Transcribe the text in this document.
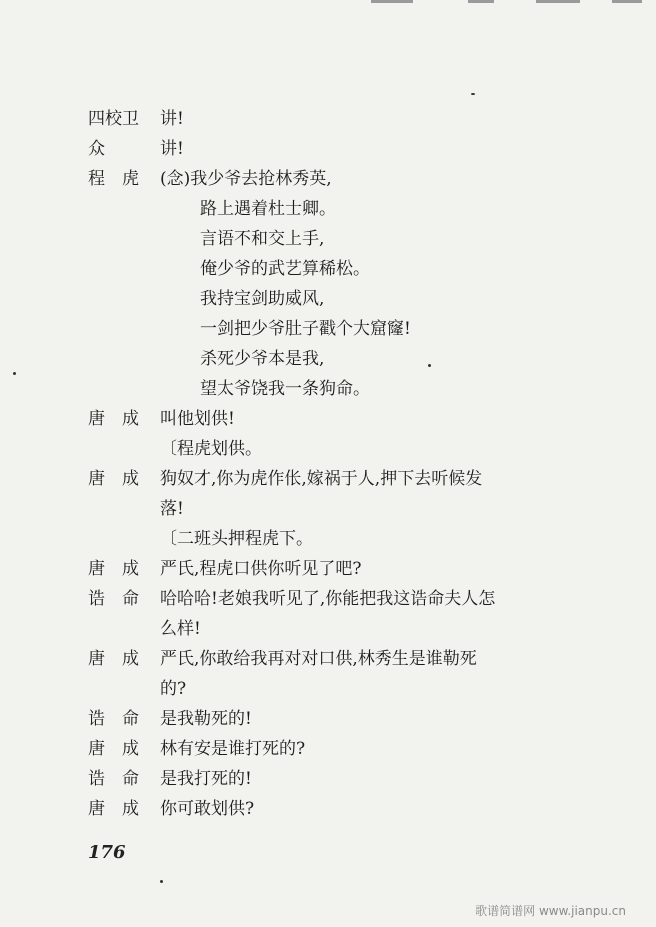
四校卫 讲!
众	讲!
程　虎 (念)我少爷去抢林秀英,
路上遇着杜士卿。
言语不和交上手,
俺少爷的武艺算稀松。
我持宝剑助威风,
一剑把少爷肚子戳个大窟窿!
杀死少爷本是我,
望太爷饶我一条狗命。
唐　成 叫他划供!
〔程虎划供。
唐　成 狗奴才,你为虎作伥,嫁祸于人,押下去听候发
落!
〔二班头押程虎下。
唐　成 严氏,程虎口供你听见了吧?
诰　命 哈哈哈!老娘我听见了,你能把我这诰命夫人怎
么样!
唐　成 严氏,你敢给我再对对口供,林秀生是谁勒死
的?
诰　命 是我勒死的!
唐　成 林有安是谁打死的?
诰　命 是我打死的!
唐　成 你可敢划供?
176
歌谱简谱网 www.jianpu.cn
